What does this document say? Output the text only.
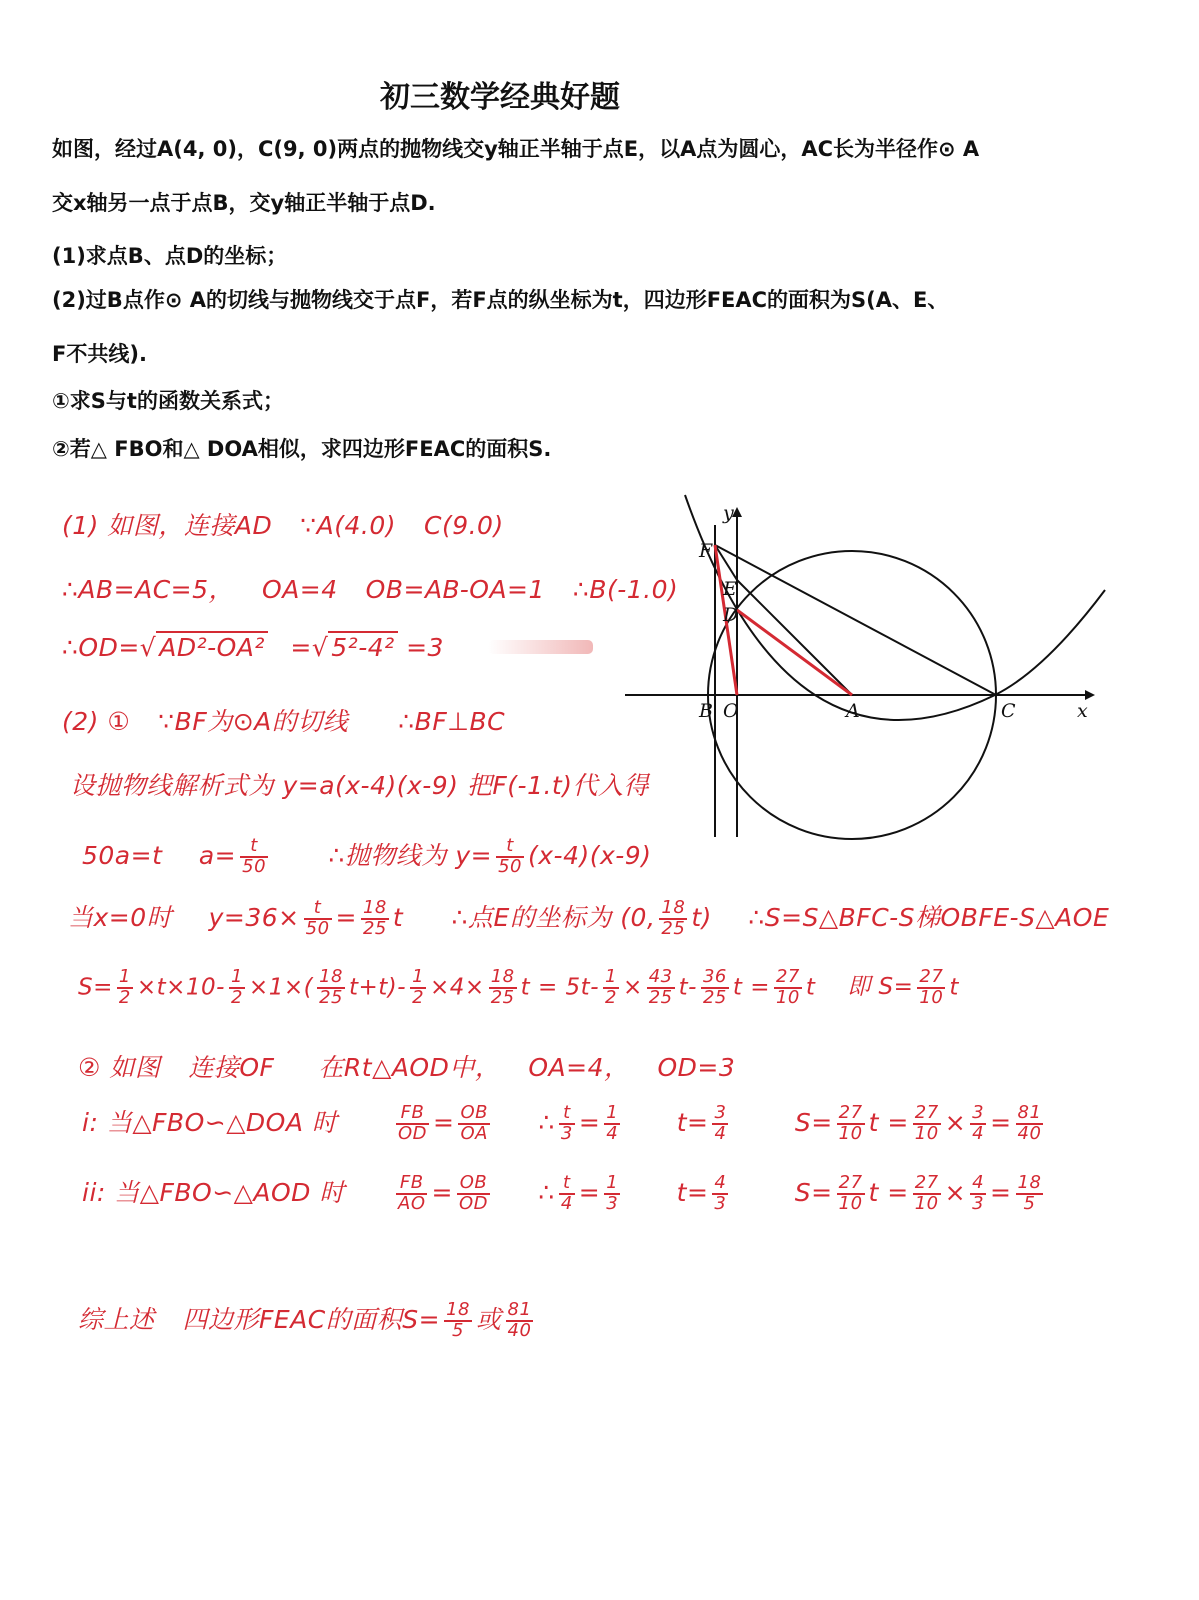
初三数学经典好题
如图，经过A(4, 0)，C(9, 0)两点的抛物线交y轴正半轴于点E，以A点为圆心，AC长为半径作⊙ A
交x轴另一点于点B，交y轴正半轴于点D.
(1)求点B、点D的坐标；
(2)过B点作⊙ A的切线与抛物线交于点F，若F点的纵坐标为t，四边形FEAC的面积为S(A、E、
F不共线).
①求S与t的函数关系式；
②若△ FBO和△ DOA相似，求四边形FEAC的面积S.
(1) 如图，连接AD ∵A(4.0) C(9.0)
∴AB=AC=5， OA=4 OB=AB-OA=1 ∴B(-1.0)
∴OD=√ AD²-OA² =√ 5²-4² =3
(2) ① ∵BF为⊙A的切线 ∴BF⊥BC
设抛物线解析式为 y=a(x-4)(x-9) 把F(-1.t)代入得
50a=t $a= \frac{t}{50}$ ∴抛物线为 $y= \frac{t}{50} (x-4)(x-9)$
当x=0时 $y=36\times \frac{t}{50} = \frac{18}{25}$ t ∴点E的坐标为 (0, $\frac{18}{25} t$) ∴S=S△BFC-S梯OBFE-S△AOE
$S= \frac{1}{2} \times t\times 10- \frac{1}{2} \times 1\times( \frac{18}{25} t+t)- \frac{1}{2} \times 4\times \frac{18}{25}$ $t = 5t- \frac{1}{2} \times \frac{43}{25} t- \frac{36}{25}$ $t = \frac{27}{10}$ t 即 $S= \frac{27}{10}$ t
② 如图 连接OF 在Rt△AOD中， OA=4， OD=3
i: 当△FBO∽△DOA 时	$\frac{FB}{OD} = \frac{OB}{OA}$ ∴ $\frac{t}{3} = \frac{1}{4} t= \frac{3}{4}$	$S= \frac{27}{10}$ $t = \frac{27}{10} \times \frac{3}{4} = \frac{81}{40}$
ii: 当△FBO∽△AOD 时	$\frac{FB}{AO} = \frac{OB}{OD}$ ∴ $\frac{t}{4} = \frac{1}{3} t= \frac{4}{3}$	$S= \frac{27}{10}$ $t = \frac{27}{10} \times \frac{4}{3} = \frac{18}{5}$
综上述 四边形FEAC的面积$S= \frac{18}{5}$ 或 $\frac{81}{40}$
y
x
F
E
D
B O	A	C
